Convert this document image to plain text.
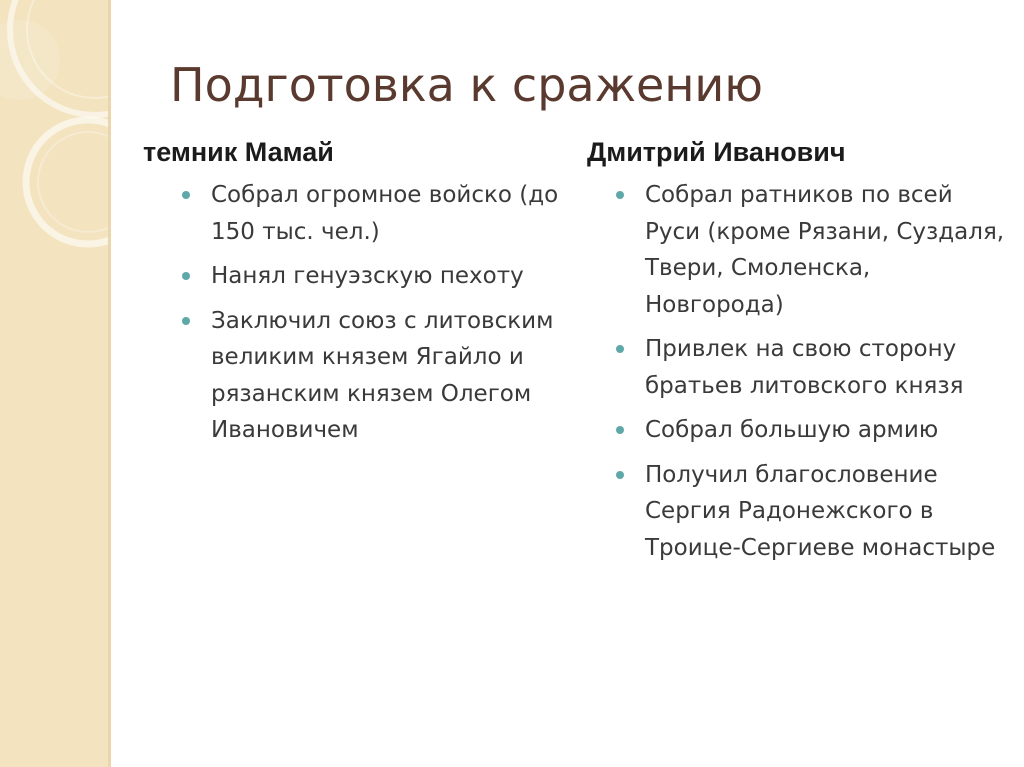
Подготовка к сражению
темник Мамай
Собрал огромное войско (до 150 тыс. чел.)
Нанял генуэзскую пехоту
Заключил союз с литовским великим князем Ягайло и рязанским князем Олегом Ивановичем
Дмитрий Иванович
Собрал ратников по всей Руси (кроме Рязани, Суздаля, Твери, Смоленска, Новгорода)
Привлек на свою сторону братьев литовского князя
Собрал большую армию
Получил благословение Сергия Радонежского в Троице-Сергиеве монастыре
